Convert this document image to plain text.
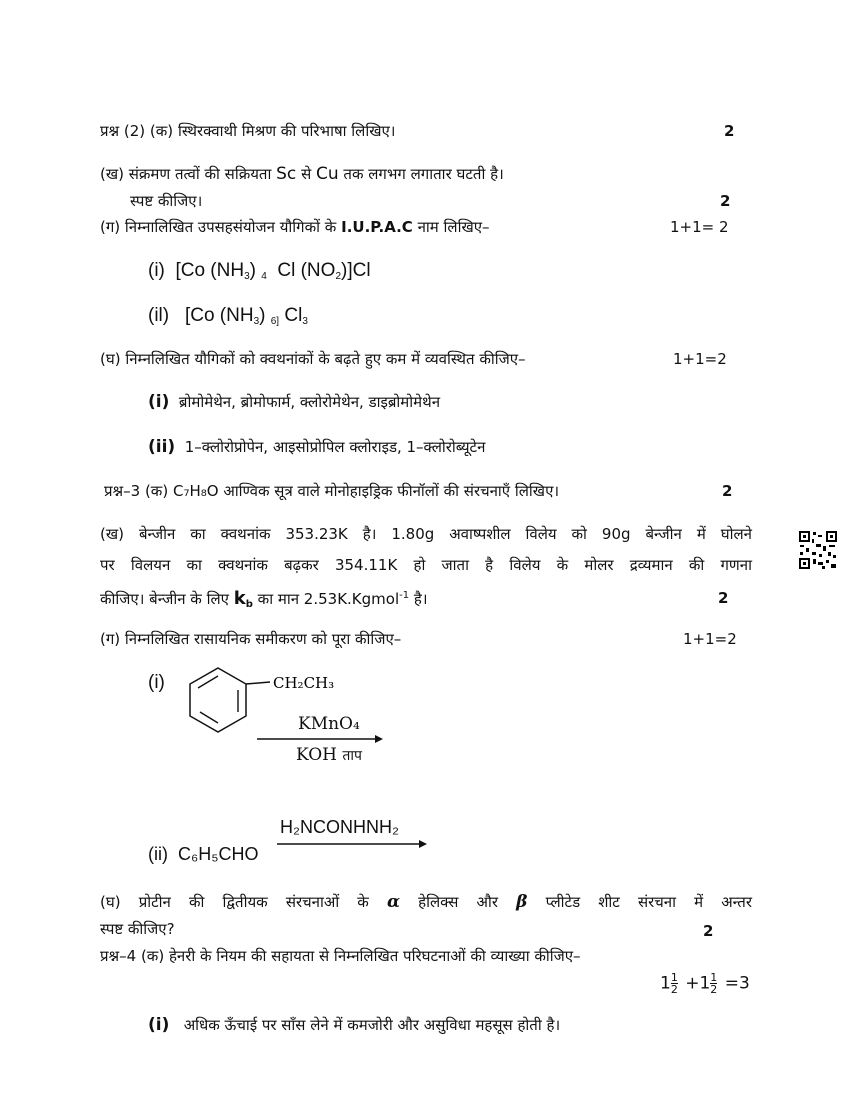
प्रश्न (2) (क) स्थिरक्वाथी मिश्रण की परिभाषा लिखिए।	2
(ख) संक्रमण तत्वों की सक्रियता Sc से Cu तक लगभग लगातार घटती है।
स्पष्ट कीजिए।	2
(ग) निम्नालिखित उपसहसंयोजन यौगिकों के I.U.P.A.C नाम लिखिए–	1+1= 2
(i) [Co $(NH_3)$ $_4$ Cl $(NO_2)]Cl$
(il) [Co $(NH_3)$ $_{6]}$ $Cl_3$
(घ) निम्नलिखित यौगिकों को क्वथनांकों के बढ़ते हुए कम में व्यवस्थित कीजिए–	1+1=2
(i) ब्रोमोमेथेन, ब्रोमोफार्म, क्लोरोमेथेन, डाइब्रोमोमेथेन
(ii) 1–क्लोरोप्रोपेन, आइसोप्रोपिल क्लोराइड, 1–क्लोरोब्यूटेन
प्रश्न–3 (क) C₇H₈O आण्विक सूत्र वाले मोनोहाइड्रिक फीनॉलों की संरचनाएँ लिखिए।	2
(ख) बेन्जीन का क्वथनांक 353.23K है। 1.80g अवाष्पशील विलेय को 90g बेन्जीन में घोलने
पर विलयन का क्वथनांक बढ़कर 354.11K हो जाता है विलेय के मोलर द्रव्यमान की गणना
कीजिए। बेन्जीन के लिए $k_b$ का मान 2.53K.Kgmol$^{-1}$ है।	2
(ग) निम्नलिखित रासायनिक समीकरण को पूरा कीजिए–	1+1=2
(i)	CH₂CH₃
KMnO₄
KOH ताप
H₂NCONHNH₂
(ii) C₆H₅CHO
(घ) प्रोटीन की द्वितीयक संरचनाओं के α हेलिक्स और β प्लीटेड शीट संरचना में अन्तर
स्पष्ट कीजिए?	2
प्रश्न–4 (क) हेनरी के नियम की सहायता से निम्नलिखित परिघटनाओं की व्याख्या कीजिए–
$1 \frac{1}{2} +1 \frac{1}{2} =3$
(i) अधिक ऊँचाई पर साँस लेने में कमजोरी और असुविधा महसूस होती है।
